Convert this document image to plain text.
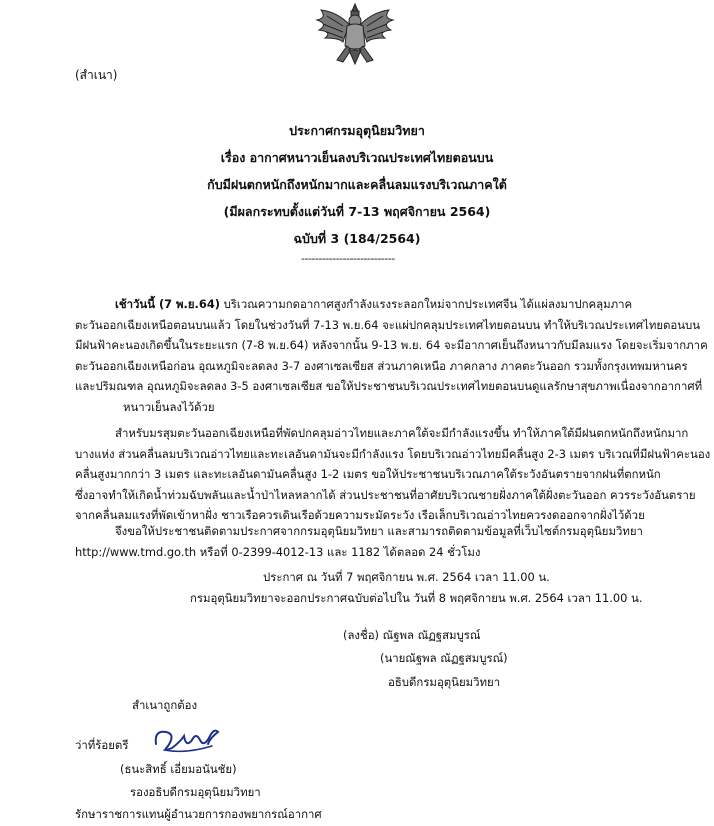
(สำเนา)
ประกาศกรมอุตุนิยมวิทยา
เรื่อง อากาศหนาวเย็นลงบริเวณประเทศไทยตอนบน
กับมีฝนตกหนักถึงหนักมากและคลื่นลมแรงบริเวณภาคใต้
(มีผลกระทบตั้งแต่วันที่ 7-13 พฤศจิกายน 2564)
ฉบับที่ 3 (184/2564)
---------------------------
เช้าวันนี้ (7 พ.ย.64) บริเวณความกดอากาศสูงกำลังแรงระลอกใหม่จากประเทศจีน ได้แผ่ลงมาปกคลุมภาค
ตะวันออกเฉียงเหนือตอนบนแล้ว โดยในช่วงวันที่ 7-13 พ.ย.64 จะแผ่ปกคลุมประเทศไทยตอนบน ทำให้บริเวณประเทศไทยตอนบน
มีฝนฟ้าคะนองเกิดขึ้นในระยะแรก (7-8 พ.ย.64) หลังจากนั้น 9-13 พ.ย. 64 จะมีอากาศเย็นถึงหนาวกับมีลมแรง โดยจะเริ่มจากภาค
ตะวันออกเฉียงเหนือก่อน อุณหภูมิจะลดลง 3-7 องศาเซลเซียส ส่วนภาคเหนือ ภาคกลาง ภาคตะวันออก รวมทั้งกรุงเทพมหานคร
และปริมณฑล อุณหภูมิจะลดลง 3-5 องศาเซลเซียส ขอให้ประชาชนบริเวณประเทศไทยตอนบนดูแลรักษาสุขภาพเนื่องจากอากาศที่
หนาวเย็นลงไว้ด้วย
สำหรับมรสุมตะวันออกเฉียงเหนือที่พัดปกคลุมอ่าวไทยและภาคใต้จะมีกำลังแรงขึ้น ทำให้ภาคใต้มีฝนตกหนักถึงหนักมาก
บางแห่ง ส่วนคลื่นลมบริเวณอ่าวไทยและทะเลอันดามันจะมีกำลังแรง โดยบริเวณอ่าวไทยมีคลื่นสูง 2-3 เมตร บริเวณที่มีฝนฟ้าคะนอง
คลื่นสูงมากกว่า 3 เมตร และทะเลอันดามันคลื่นสูง 1-2 เมตร ขอให้ประชาชนบริเวณภาคใต้ระวังอันตรายจากฝนที่ตกหนัก
ซึ่งอาจทำให้เกิดน้ำท่วมฉับพลันและน้ำป่าไหลหลากได้ ส่วนประชาชนที่อาศัยบริเวณชายฝั่งภาคใต้ฝั่งตะวันออก ควรระวังอันตราย
จากคลื่นลมแรงที่พัดเข้าหาฝั่ง ชาวเรือควรเดินเรือด้วยความระมัดระวัง เรือเล็กบริเวณอ่าวไทยควรงดออกจากฝั่งไว้ด้วย
จึงขอให้ประชาชนติดตามประกาศจากกรมอุตุนิยมวิทยา และสามารถติดตามข้อมูลที่เว็บไซต์กรมอุตุนิยมวิทยา
http://www.tmd.go.th หรือที่ 0-2399-4012-13 และ 1182 ได้ตลอด 24 ชั่วโมง
ประกาศ ณ วันที่ 7 พฤศจิกายน พ.ศ. 2564 เวลา 11.00 น.
กรมอุตุนิยมวิทยาจะออกประกาศฉบับต่อไปใน วันที่ 8 พฤศจิกายน พ.ศ. 2564 เวลา 11.00 น.
(ลงชื่อ) ณัฐพล ณัฏฐสมบูรณ์
(นายณัฐพล ณัฏฐสมบูรณ์)
อธิบดีกรมอุตุนิยมวิทยา
สำเนาถูกต้อง
ว่าที่ร้อยตรี
(ธนะสิทธิ์ เอี่ยมอนันชัย)
รองอธิบดีกรมอุตุนิยมวิทยา
รักษาราชการแทนผู้อำนวยการกองพยากรณ์อากาศ
